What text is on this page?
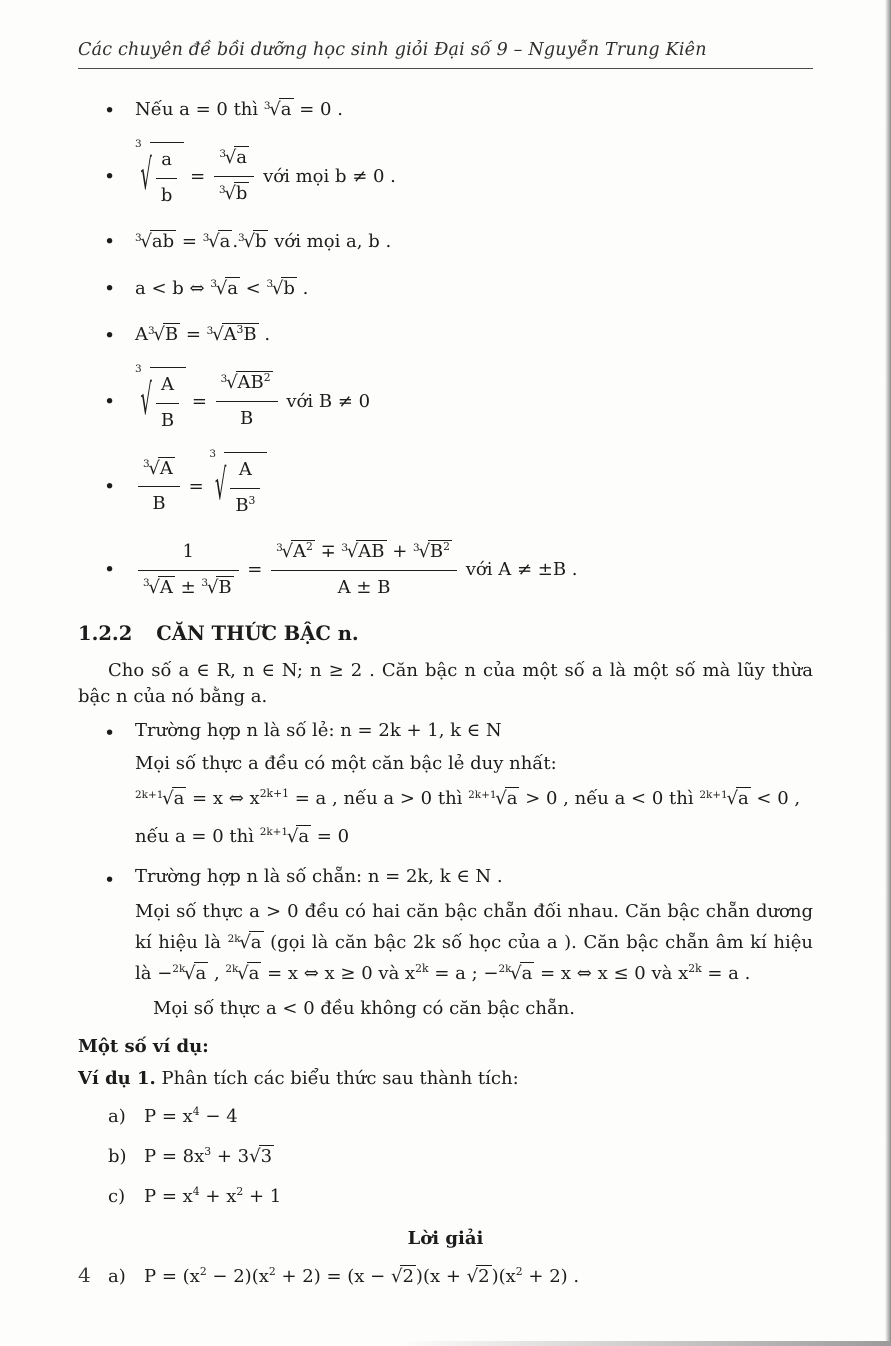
Các chuyên đề bồi dưỡng học sinh giỏi Đại số 9 – Nguyễn Trung Kiên
• Nếu a = 0 thì $^3$√a = 0 .
• 3
√ $\frac{a}{b} = \frac{^3√a}{^3√b}$ với mọi b ≠ 0 .
• $^3$√ab = $^3$√a .$^3$√b với mọi a, b .
• a < b ⇔ $^3$√a < $^3$√b .
• $A^3√B = ^3√A^3B$ .
• 3
√ $\frac{A}{B} = \frac{^3√AB^2}{B}$ với B ≠ 0
• $\frac{^3√A}{B}$ =
3
√ $\frac{A}{B^3}$
• $\frac{1}{^3√A \pm ^3√B} = \frac{^3√A^2 \mp ^3√AB + ^3√B^2}{A \pm B}$ với A ≠ ±B .
1.2.2 CĂN THỨC BẬC n.

Cho số a ∈ R, n ∈ N; n ≥ 2 . Căn bậc n của một số a là một số mà lũy thừa bậc n của nó bằng a.

• Trường hợp n là số lẻ: n = 2k + 1, k ∈ N
Mọi số thực a đều có một căn bậc lẻ duy nhất:
$^{2k+1}$√a = x ⇔ $x^{2k+1} = a$ , nếu a > 0 thì $^{2k+1}$√a > 0 , nếu a < 0 thì $^{2k+1}$√a < 0 ,
nếu a = 0 thì $^{2k+1}$√a = 0
• Trường hợp n là số chẵn: n = 2k, k ∈ N .
Mọi số thực a > 0 đều có hai căn bậc chẵn đối nhau. Căn bậc chẵn dương kí hiệu là $^{2k}$√a (gọi là căn bậc 2k số học của a ). Căn bậc chẵn âm kí hiệu là −$^{2k}$√a , $^{2k}$√a = x ⇔ x ≥ 0 và $x^{2k} = a$ ; −$^{2k}$√a = x ⇔ x ≤ 0 và $x^{2k} = a$ .
Mọi số thực a < 0 đều không có căn bậc chẵn.

Một số ví dụ:

Ví dụ 1. Phân tích các biểu thức sau thành tích:

a) $P = x^4 - 4$
b) $P = 8x^3 + 3√3$
c) $P = x^4 + x^2 + 1$

Lời giải

a) $P = (x^2 - 2)(x^2 + 2) = (x - √2$ )(x + √2 )$(x^2 + 2)$ .
4
